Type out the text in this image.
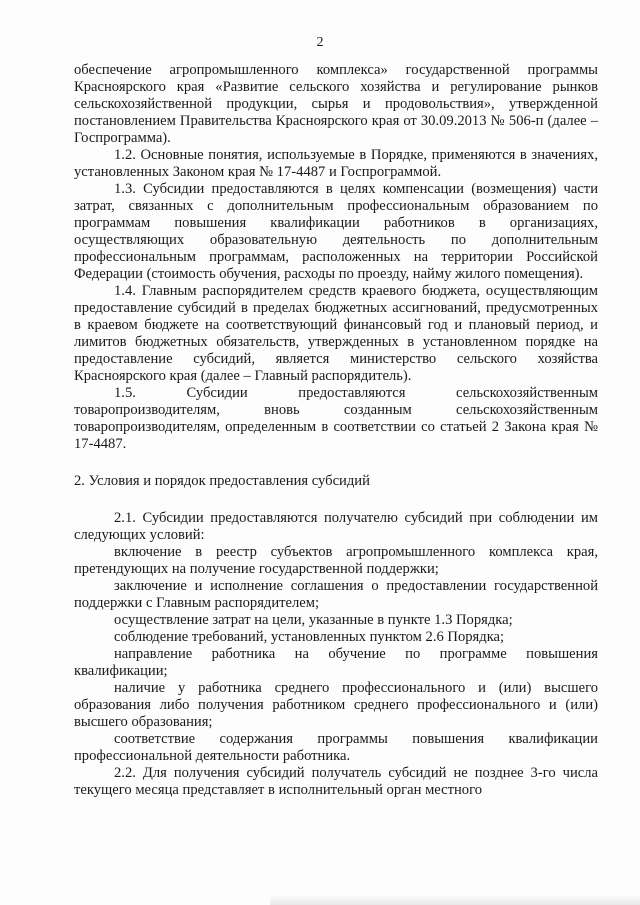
2

обеспечение агропромышленного комплекса» государственной программы Красноярского края «Развитие сельского хозяйства и регулирование рынков сельскохозяйственной продукции, сырья и продовольствия», утвержденной постановлением Правительства Красноярского края от 30.09.2013 № 506-п (далее – Госпрограмма).

1.2. Основные понятия, используемые в Порядке, применяются в значениях, установленных Законом края № 17-4487 и Госпрограммой.

1.3. Субсидии предоставляются в целях компенсации (возмещения) части затрат, связанных с дополнительным профессиональным образованием по программам повышения квалификации работников в организациях, осуществляющих образовательную деятельность по дополнительным профессиональным программам, расположенных на территории Российской Федерации (стоимость обучения, расходы по проезду, найму жилого помещения).

1.4. Главным распорядителем средств краевого бюджета, осуществляющим предоставление субсидий в пределах бюджетных ассигнований, предусмотренных в краевом бюджете на соответствующий финансовый год и плановый период, и лимитов бюджетных обязательств, утвержденных в установленном порядке на предоставление субсидий, является министерство сельского хозяйства Красноярского края (далее – Главный распорядитель).

1.5. Субсидии предоставляются сельскохозяйственным товаропроизводителям, вновь созданным сельскохозяйственным товаропроизводителям, определенным в соответствии со статьей 2 Закона края № 17-4487.

2. Условия и порядок предоставления субсидий

2.1. Субсидии предоставляются получателю субсидий при соблюдении им следующих условий:

включение в реестр субъектов агропромышленного комплекса края, претендующих на получение государственной поддержки;

заключение и исполнение соглашения о предоставлении государственной поддержки с Главным распорядителем;

осуществление затрат на цели, указанные в пункте 1.3 Порядка;

соблюдение требований, установленных пунктом 2.6 Порядка;

направление работника на обучение по программе повышения квалификации;

наличие у работника среднего профессионального и (или) высшего образования либо получения работником среднего профессионального и (или) высшего образования;

соответствие содержания программы повышения квалификации профессиональной деятельности работника.

2.2. Для получения субсидий получатель субсидий не позднее 3-го числа текущего месяца представляет в исполнительный орган местного
